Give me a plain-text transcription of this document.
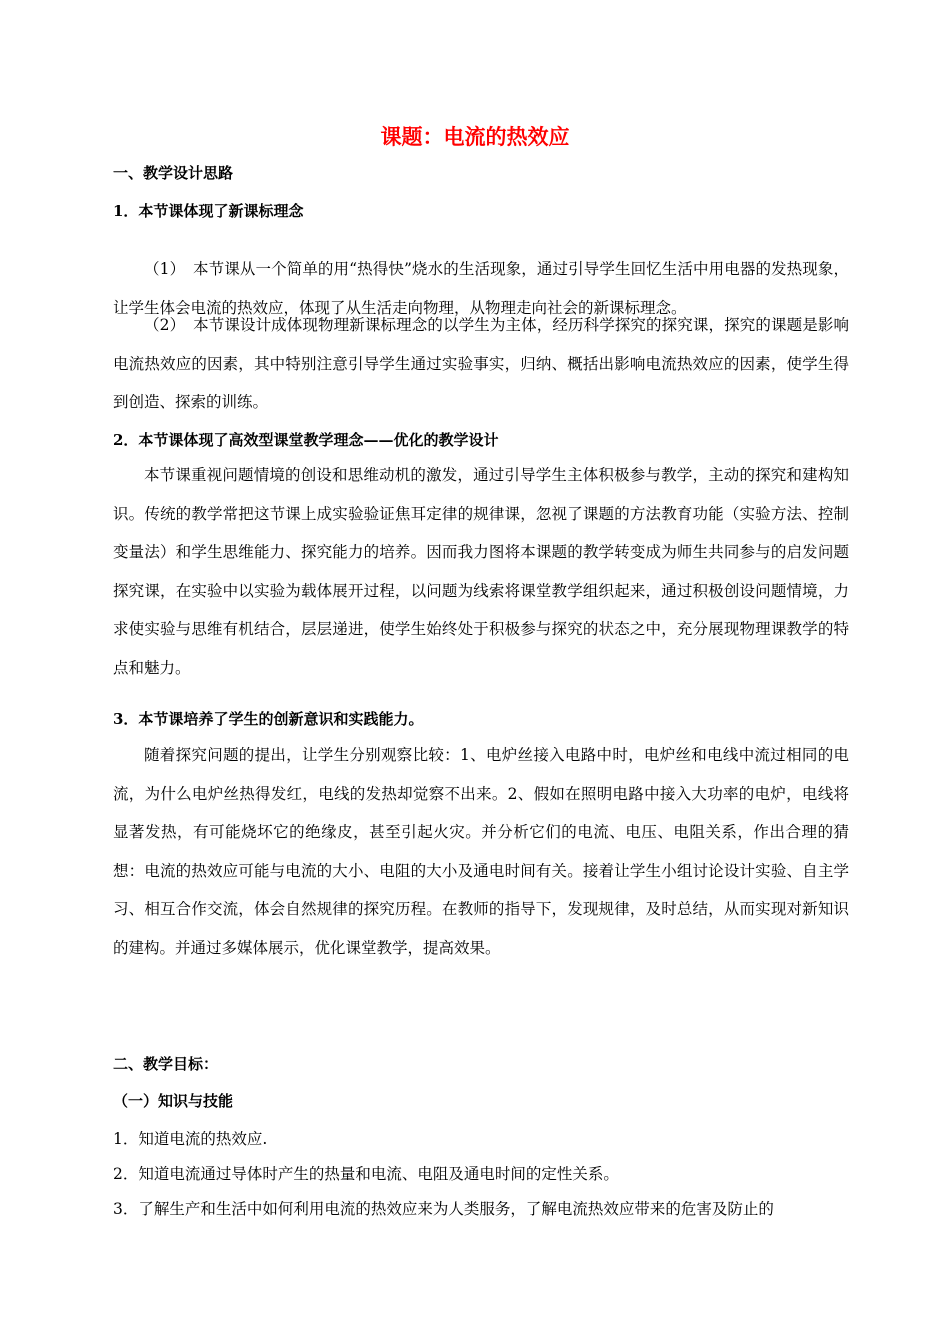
课题：电流的热效应
一、教学设计思路
1．本节课体现了新课标理念

（1）　本节课从一个简单的用“热得快”烧水的生活现象，通过引导学生回忆生活中用电器的发热现象，让学生体会电流的热效应，体现了从生活走向物理，从物理走向社会的新课标理念。

（2）　本节课设计成体现物理新课标理念的以学生为主体，经历科学探究的探究课，探究的课题是影响电流热效应的因素，其中特别注意引导学生通过实验事实，归纳、概括出影响电流热效应的因素，使学生得到创造、探索的训练。

2．本节课体现了高效型课堂教学理念——优化的教学设计

本节课重视问题情境的创设和思维动机的激发，通过引导学生主体积极参与教学，主动的探究和建构知识。传统的教学常把这节课上成实验验证焦耳定律的规律课，忽视了课题的方法教育功能（实验方法、控制变量法）和学生思维能力、探究能力的培养。因而我力图将本课题的教学转变成为师生共同参与的启发问题探究课，在实验中以实验为载体展开过程，以问题为线索将课堂教学组织起来，通过积极创设问题情境，力求使实验与思维有机结合，层层递进，使学生始终处于积极参与探究的状态之中，充分展现物理课教学的特点和魅力。

3．本节课培养了学生的创新意识和实践能力。

随着探究问题的提出，让学生分别观察比较：1、电炉丝接入电路中时，电炉丝和电线中流过相同的电流，为什么电炉丝热得发红，电线的发热却觉察不出来。2、假如在照明电路中接入大功率的电炉，电线将显著发热，有可能烧坏它的绝缘皮，甚至引起火灾。并分析它们的电流、电压、电阻关系，作出合理的猜想：电流的热效应可能与电流的大小、电阻的大小及通电时间有关。接着让学生小组讨论设计实验、自主学习、相互合作交流，体会自然规律的探究历程。在教师的指导下，发现规律，及时总结，从而实现对新知识的建构。并通过多媒体展示，优化课堂教学，提高效果。

二、教学目标：
（一）知识与技能
1．知道电流的热效应.
2．知道电流通过导体时产生的热量和电流、电阻及通电时间的定性关系。
3．了解生产和生活中如何利用电流的热效应来为人类服务，了解电流热效应带来的危害及防止的
